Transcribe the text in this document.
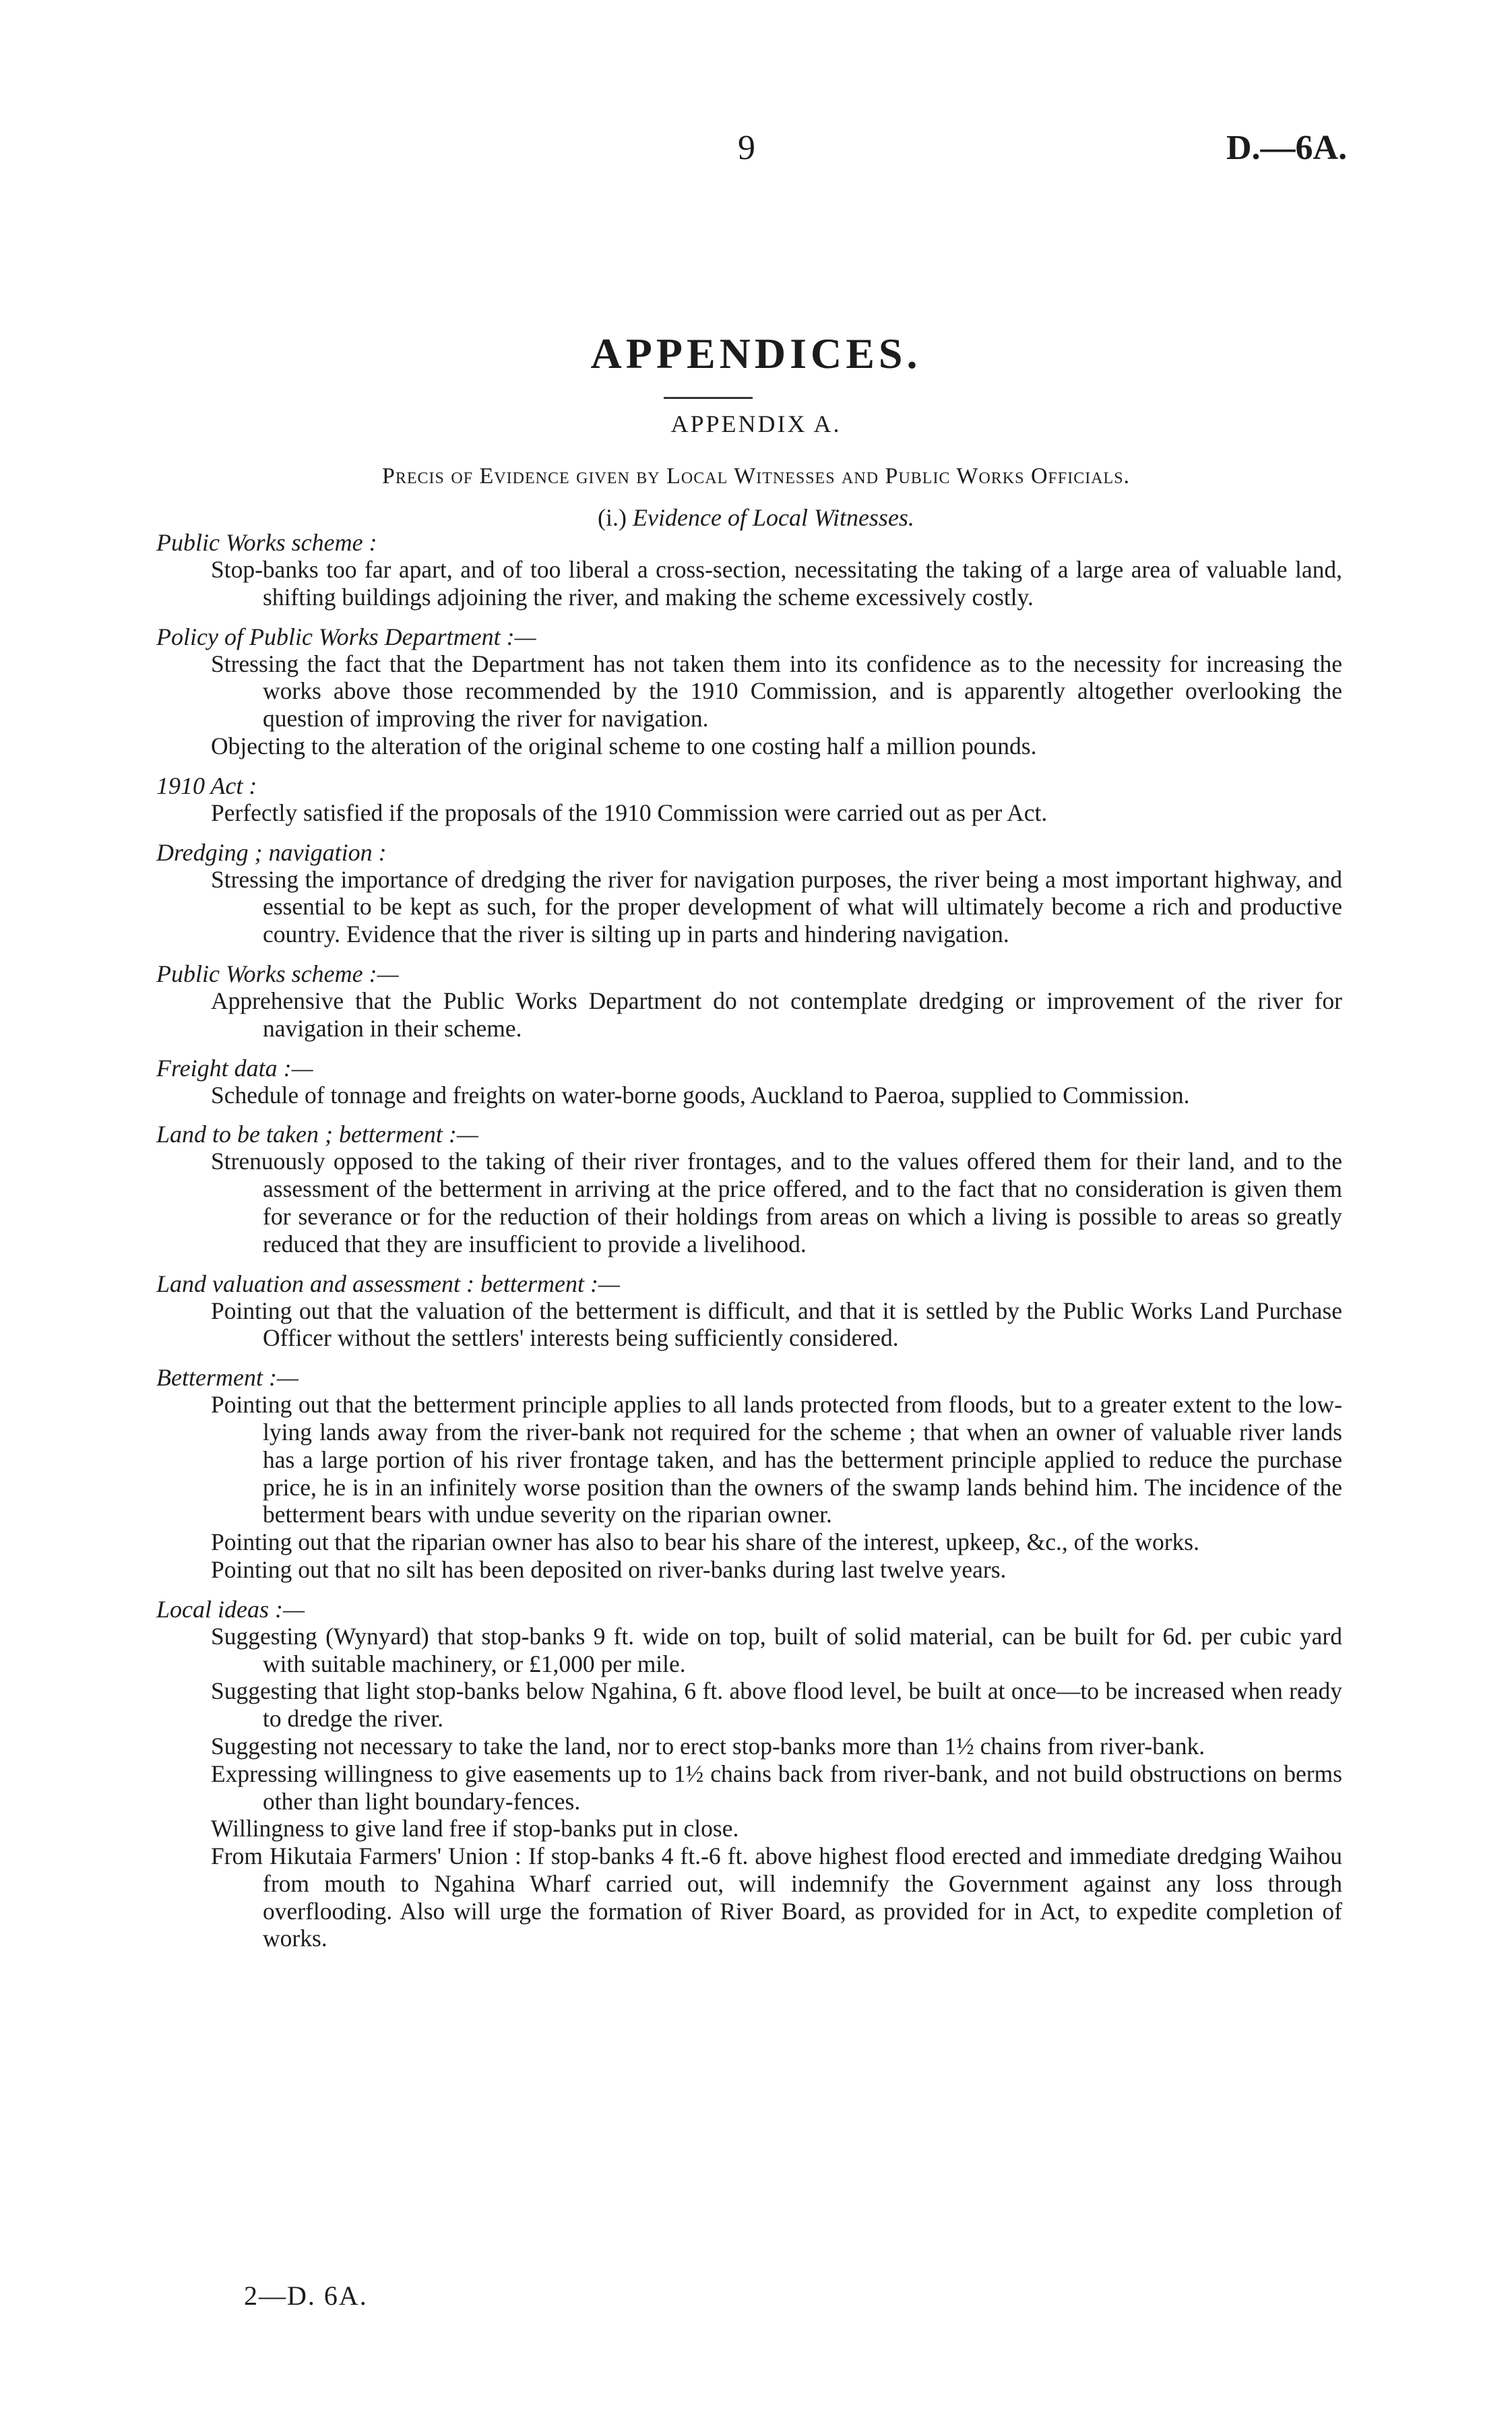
9	D.—6A.
APPENDICES.
APPENDIX A.
Precis of Evidence given by Local Witnesses and Public Works Officials.
(i.) Evidence of Local Witnesses.
Public Works scheme :

Stop-banks too far apart, and of too liberal a cross-section, necessitating the taking of a large area of valuable land, shifting buildings adjoining the river, and making the scheme excessively costly.

Policy of Public Works Department :—

Stressing the fact that the Department has not taken them into its confidence as to the necessity for increasing the works above those recommended by the 1910 Commission, and is apparently altogether overlooking the question of improving the river for navigation.

Objecting to the alteration of the original scheme to one costing half a million pounds.

1910 Act :

Perfectly satisfied if the proposals of the 1910 Commission were carried out as per Act.

Dredging ; navigation :

Stressing the importance of dredging the river for navigation purposes, the river being a most important highway, and essential to be kept as such, for the proper development of what will ultimately become a rich and productive country. Evidence that the river is silting up in parts and hindering navigation.

Public Works scheme :—

Apprehensive that the Public Works Department do not contemplate dredging or improvement of the river for navigation in their scheme.

Freight data :—

Schedule of tonnage and freights on water-borne goods, Auckland to Paeroa, supplied to Commission.

Land to be taken ; betterment :—

Strenuously opposed to the taking of their river frontages, and to the values offered them for their land, and to the assessment of the betterment in arriving at the price offered, and to the fact that no consideration is given them for severance or for the reduction of their holdings from areas on which a living is possible to areas so greatly reduced that they are insufficient to provide a livelihood.

Land valuation and assessment : betterment :—

Pointing out that the valuation of the betterment is difficult, and that it is settled by the Public Works Land Purchase Officer without the settlers' interests being sufficiently considered.

Betterment :—

Pointing out that the betterment principle applies to all lands protected from floods, but to a greater extent to the low-lying lands away from the river-bank not required for the scheme ; that when an owner of valuable river lands has a large portion of his river frontage taken, and has the betterment principle applied to reduce the purchase price, he is in an infinitely worse position than the owners of the swamp lands behind him. The incidence of the betterment bears with undue severity on the riparian owner.

Pointing out that the riparian owner has also to bear his share of the interest, upkeep, &c., of the works.

Pointing out that no silt has been deposited on river-banks during last twelve years.

Local ideas :—

Suggesting (Wynyard) that stop-banks 9 ft. wide on top, built of solid material, can be built for 6d. per cubic yard with suitable machinery, or £1,000 per mile.

Suggesting that light stop-banks below Ngahina, 6 ft. above flood level, be built at once—to be increased when ready to dredge the river.

Suggesting not necessary to take the land, nor to erect stop-banks more than 1½ chains from river-bank.

Expressing willingness to give easements up to 1½ chains back from river-bank, and not build obstructions on berms other than light boundary-fences.

Willingness to give land free if stop-banks put in close.

From Hikutaia Farmers' Union : If stop-banks 4 ft.-6 ft. above highest flood erected and immediate dredging Waihou from mouth to Ngahina Wharf carried out, will indemnify the Government against any loss through overflooding. Also will urge the formation of River Board, as provided for in Act, to expedite completion of works.

2—D. 6A.
